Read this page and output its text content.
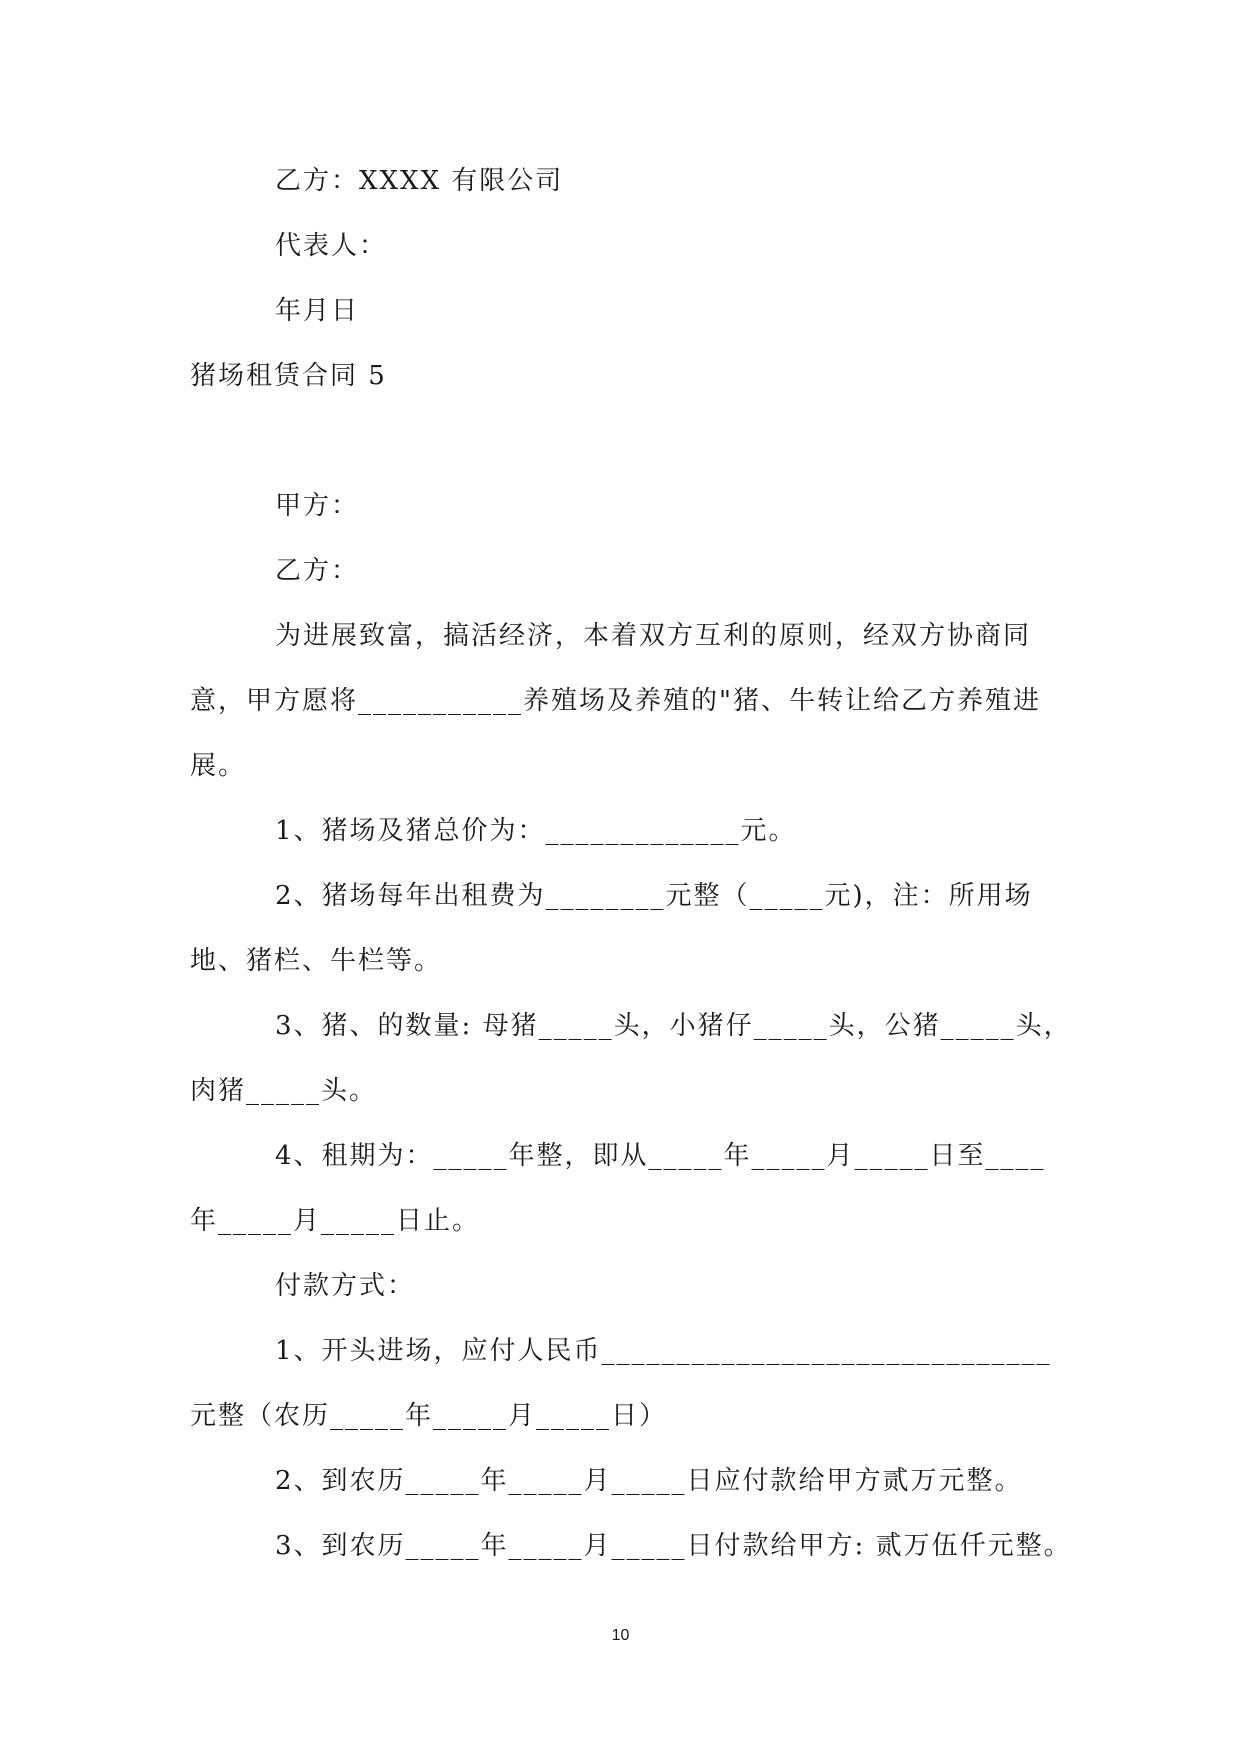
乙方：XXXX 有限公司
代表人：
年月日
猪场租赁合同 5
甲方：
乙方：
为进展致富，搞活经济，本着双方互利的原则，经双方协商同
意，甲方愿将___________养殖场及养殖的"猪、牛转让给乙方养殖进
展。
1、猪场及猪总价为：_____________元。
2、猪场每年出租费为________元整（_____元)，注：所用场
地、猪栏、牛栏等。
3、猪、的数量: 母猪_____头，小猪仔_____头，公猪_____头，
肉猪_____头。
4、租期为：_____年整，即从_____年_____月_____日至____
年_____月_____日止。
付款方式：
1、开头进场，应付人民币______________________________
元整（农历_____年_____月_____日）
2、到农历_____年_____月_____日应付款给甲方贰万元整。
3、到农历_____年_____月_____日付款给甲方: 贰万伍仟元整。
10
